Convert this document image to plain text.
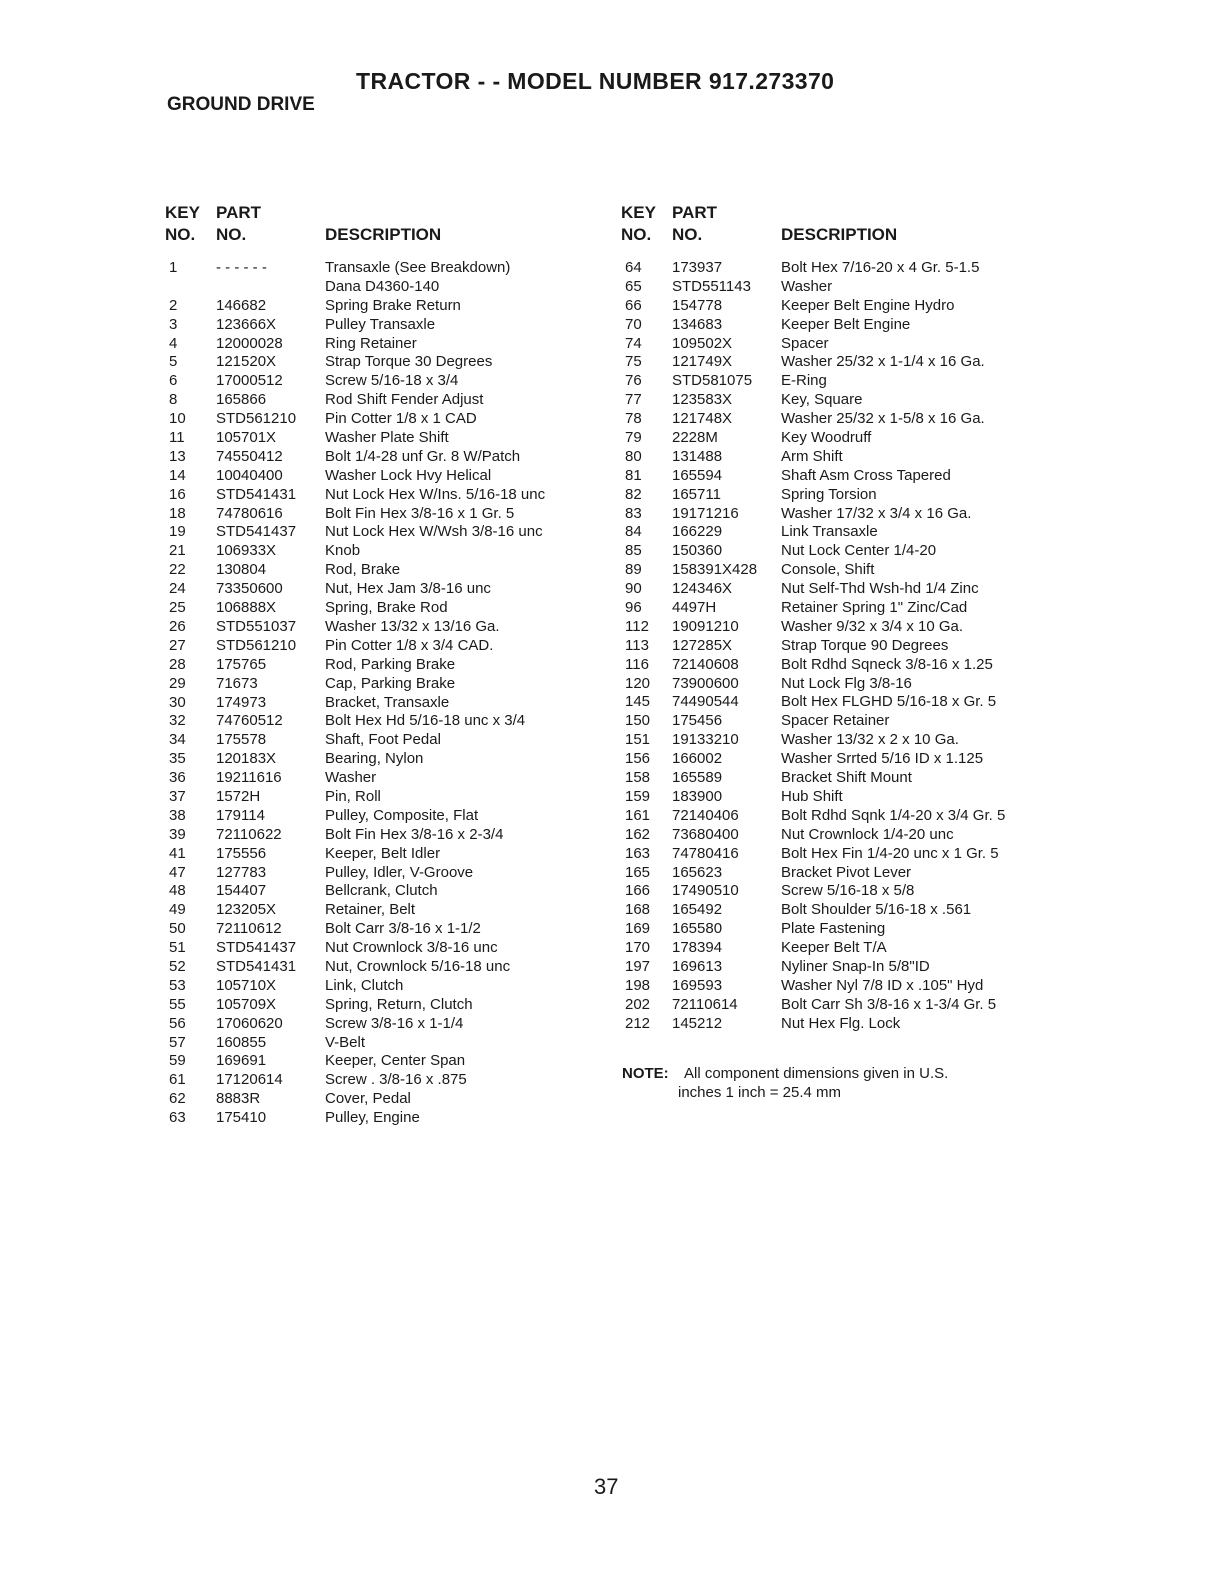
TRACTOR - - MODEL NUMBER 917.273370
GROUND DRIVE
KEY PART
NO. NO.	DESCRIPTION
1	- - - - - -	Transaxle (See Breakdown)
Dana D4360-140
2	146682	Spring Brake Return
3	123666X	Pulley Transaxle
4	12000028	Ring Retainer
5	121520X	Strap Torque 30 Degrees
6	17000512	Screw 5/16-18 x 3/4
8	165866	Rod Shift Fender Adjust
10 STD561210 Pin Cotter 1/8 x 1 CAD
11 105701X	Washer Plate Shift
13 74550412	Bolt 1/4-28 unf Gr. 8 W/Patch
14 10040400	Washer Lock Hvy Helical
16 STD541431 Nut Lock Hex W/Ins. 5/16-18 unc
18 74780616	Bolt Fin Hex 3/8-16 x 1 Gr. 5
19 STD541437 Nut Lock Hex W/Wsh 3/8-16 unc
21 106933X	Knob
22 130804	Rod, Brake
24 73350600	Nut, Hex Jam 3/8-16 unc
25 106888X	Spring, Brake Rod
26 STD551037 Washer 13/32 x 13/16 Ga.
27 STD561210 Pin Cotter 1/8 x 3/4 CAD.
28 175765	Rod, Parking Brake
29 71673	Cap, Parking Brake
30 174973	Bracket, Transaxle
32 74760512	Bolt Hex Hd 5/16-18 unc x 3/4
34 175578	Shaft, Foot Pedal
35 120183X	Bearing, Nylon
36 19211616	Washer
37 1572H	Pin, Roll
38 179114	Pulley, Composite, Flat
39 72110622	Bolt Fin Hex 3/8-16 x 2-3/4
41 175556	Keeper, Belt Idler
47 127783	Pulley, Idler, V-Groove
48 154407	Bellcrank, Clutch
49 123205X	Retainer, Belt
50 72110612	Bolt Carr 3/8-16 x 1-1/2
51 STD541437 Nut Crownlock 3/8-16 unc
52 STD541431 Nut, Crownlock 5/16-18 unc
53 105710X	Link, Clutch
55 105709X	Spring, Return, Clutch
56 17060620	Screw 3/8-16 x 1-1/4
57 160855	V-Belt
59 169691	Keeper, Center Span
61 17120614	Screw . 3/8-16 x .875
62 8883R	Cover, Pedal
63 175410	Pulley, Engine
KEY PART
NO. NO.	DESCRIPTION
64 173937	Bolt Hex 7/16-20 x 4 Gr. 5-1.5
65 STD551143 Washer
66 154778	Keeper Belt Engine Hydro
70 134683	Keeper Belt Engine
74 109502X	Spacer
75 121749X	Washer 25/32 x 1-1/4 x 16 Ga.
76 STD581075 E-Ring
77 123583X	Key, Square
78 121748X	Washer 25/32 x 1-5/8 x 16 Ga.
79 2228M	Key Woodruff
80 131488	Arm Shift
81 165594	Shaft Asm Cross Tapered
82 165711	Spring Torsion
83 19171216	Washer 17/32 x 3/4 x 16 Ga.
84 166229	Link Transaxle
85 150360	Nut Lock Center 1/4-20
89 158391X428 Console, Shift
90 124346X	Nut Self-Thd Wsh-hd 1/4 Zinc
96 4497H	Retainer Spring 1" Zinc/Cad
112 19091210	Washer 9/32 x 3/4 x 10 Ga.
113 127285X	Strap Torque 90 Degrees
116 72140608	Bolt Rdhd Sqneck 3/8-16 x 1.25
120 73900600	Nut Lock Flg 3/8-16
145 74490544	Bolt Hex FLGHD 5/16-18 x Gr. 5
150 175456	Spacer Retainer
151 19133210	Washer 13/32 x 2 x 10 Ga.
156 166002	Washer Srrted 5/16 ID x 1.125
158 165589	Bracket Shift Mount
159 183900	Hub Shift
161 72140406	Bolt Rdhd Sqnk 1/4-20 x 3/4 Gr. 5
162 73680400	Nut Crownlock 1/4-20 unc
163 74780416	Bolt Hex Fin 1/4-20 unc x 1 Gr. 5
165 165623	Bracket Pivot Lever
166 17490510	Screw 5/16-18 x 5/8
168 165492	Bolt Shoulder 5/16-18 x .561
169 165580	Plate Fastening
170 178394	Keeper Belt T/A
197 169613	Nyliner Snap-In 5/8"ID
198 169593	Washer Nyl 7/8 ID x .105" Hyd
202 72110614	Bolt Carr Sh 3/8-16 x 1-3/4 Gr. 5
212 145212	Nut Hex Flg. Lock
NOTE: All component dimensions given in U.S.
inches 1 inch = 25.4 mm
37
